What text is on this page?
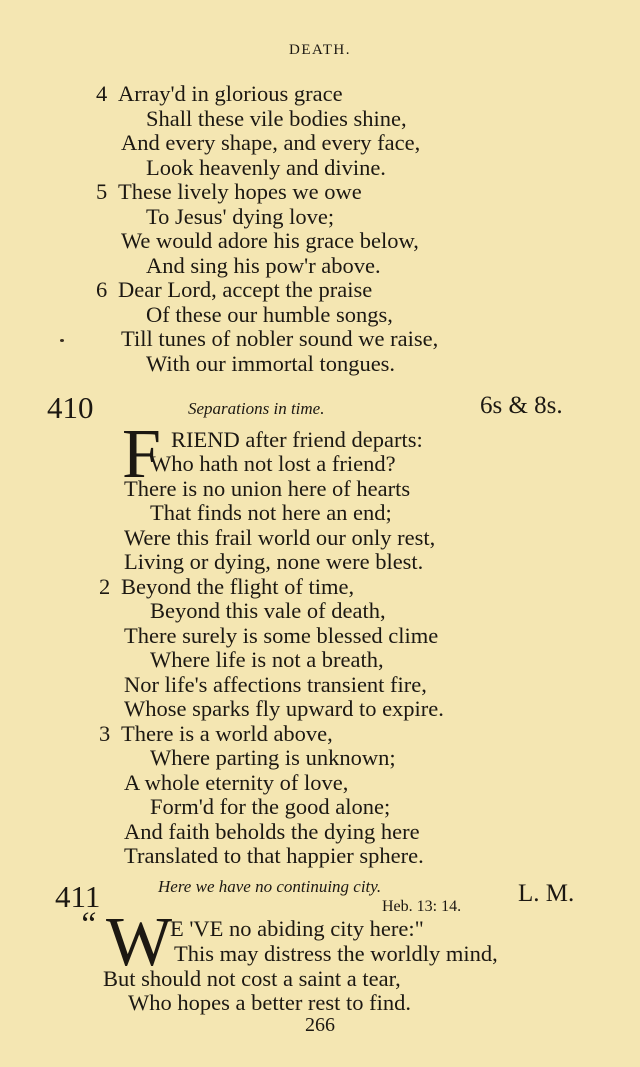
DEATH.
4 Array'd in glorious grace
Shall these vile bodies shine,
And every shape, and every face,
Look heavenly and divine.
5 These lively hopes we owe
To Jesus' dying love;
We would adore his grace below,
And sing his pow'r above.
6 Dear Lord, accept the praise
Of these our humble songs,
Till tunes of nobler sound we raise,
With our immortal tongues.
410	Separations in time.	6s & 8s.
F RIEND after friend departs:
Who hath not lost a friend?
There is no union here of hearts
That finds not here an end;
Were this frail world our only rest,
Living or dying, none were blest.
2 Beyond the flight of time,
Beyond this vale of death,
There surely is some blessed clime
Where life is not a breath,
Nor life's affections transient fire,
Whose sparks fly upward to expire.
3 There is a world above,
Where parting is unknown;
A whole eternity of love,
Form'd for the good alone;
And faith beholds the dying here
Translated to that happier sphere.
411	Here we have no continuing city.	L. M.
Heb. 13: 14.
“ W
E 'VE no abiding city here:"
This may distress the worldly mind,
But should not cost a saint a tear,
Who hopes a better rest to find.
266
